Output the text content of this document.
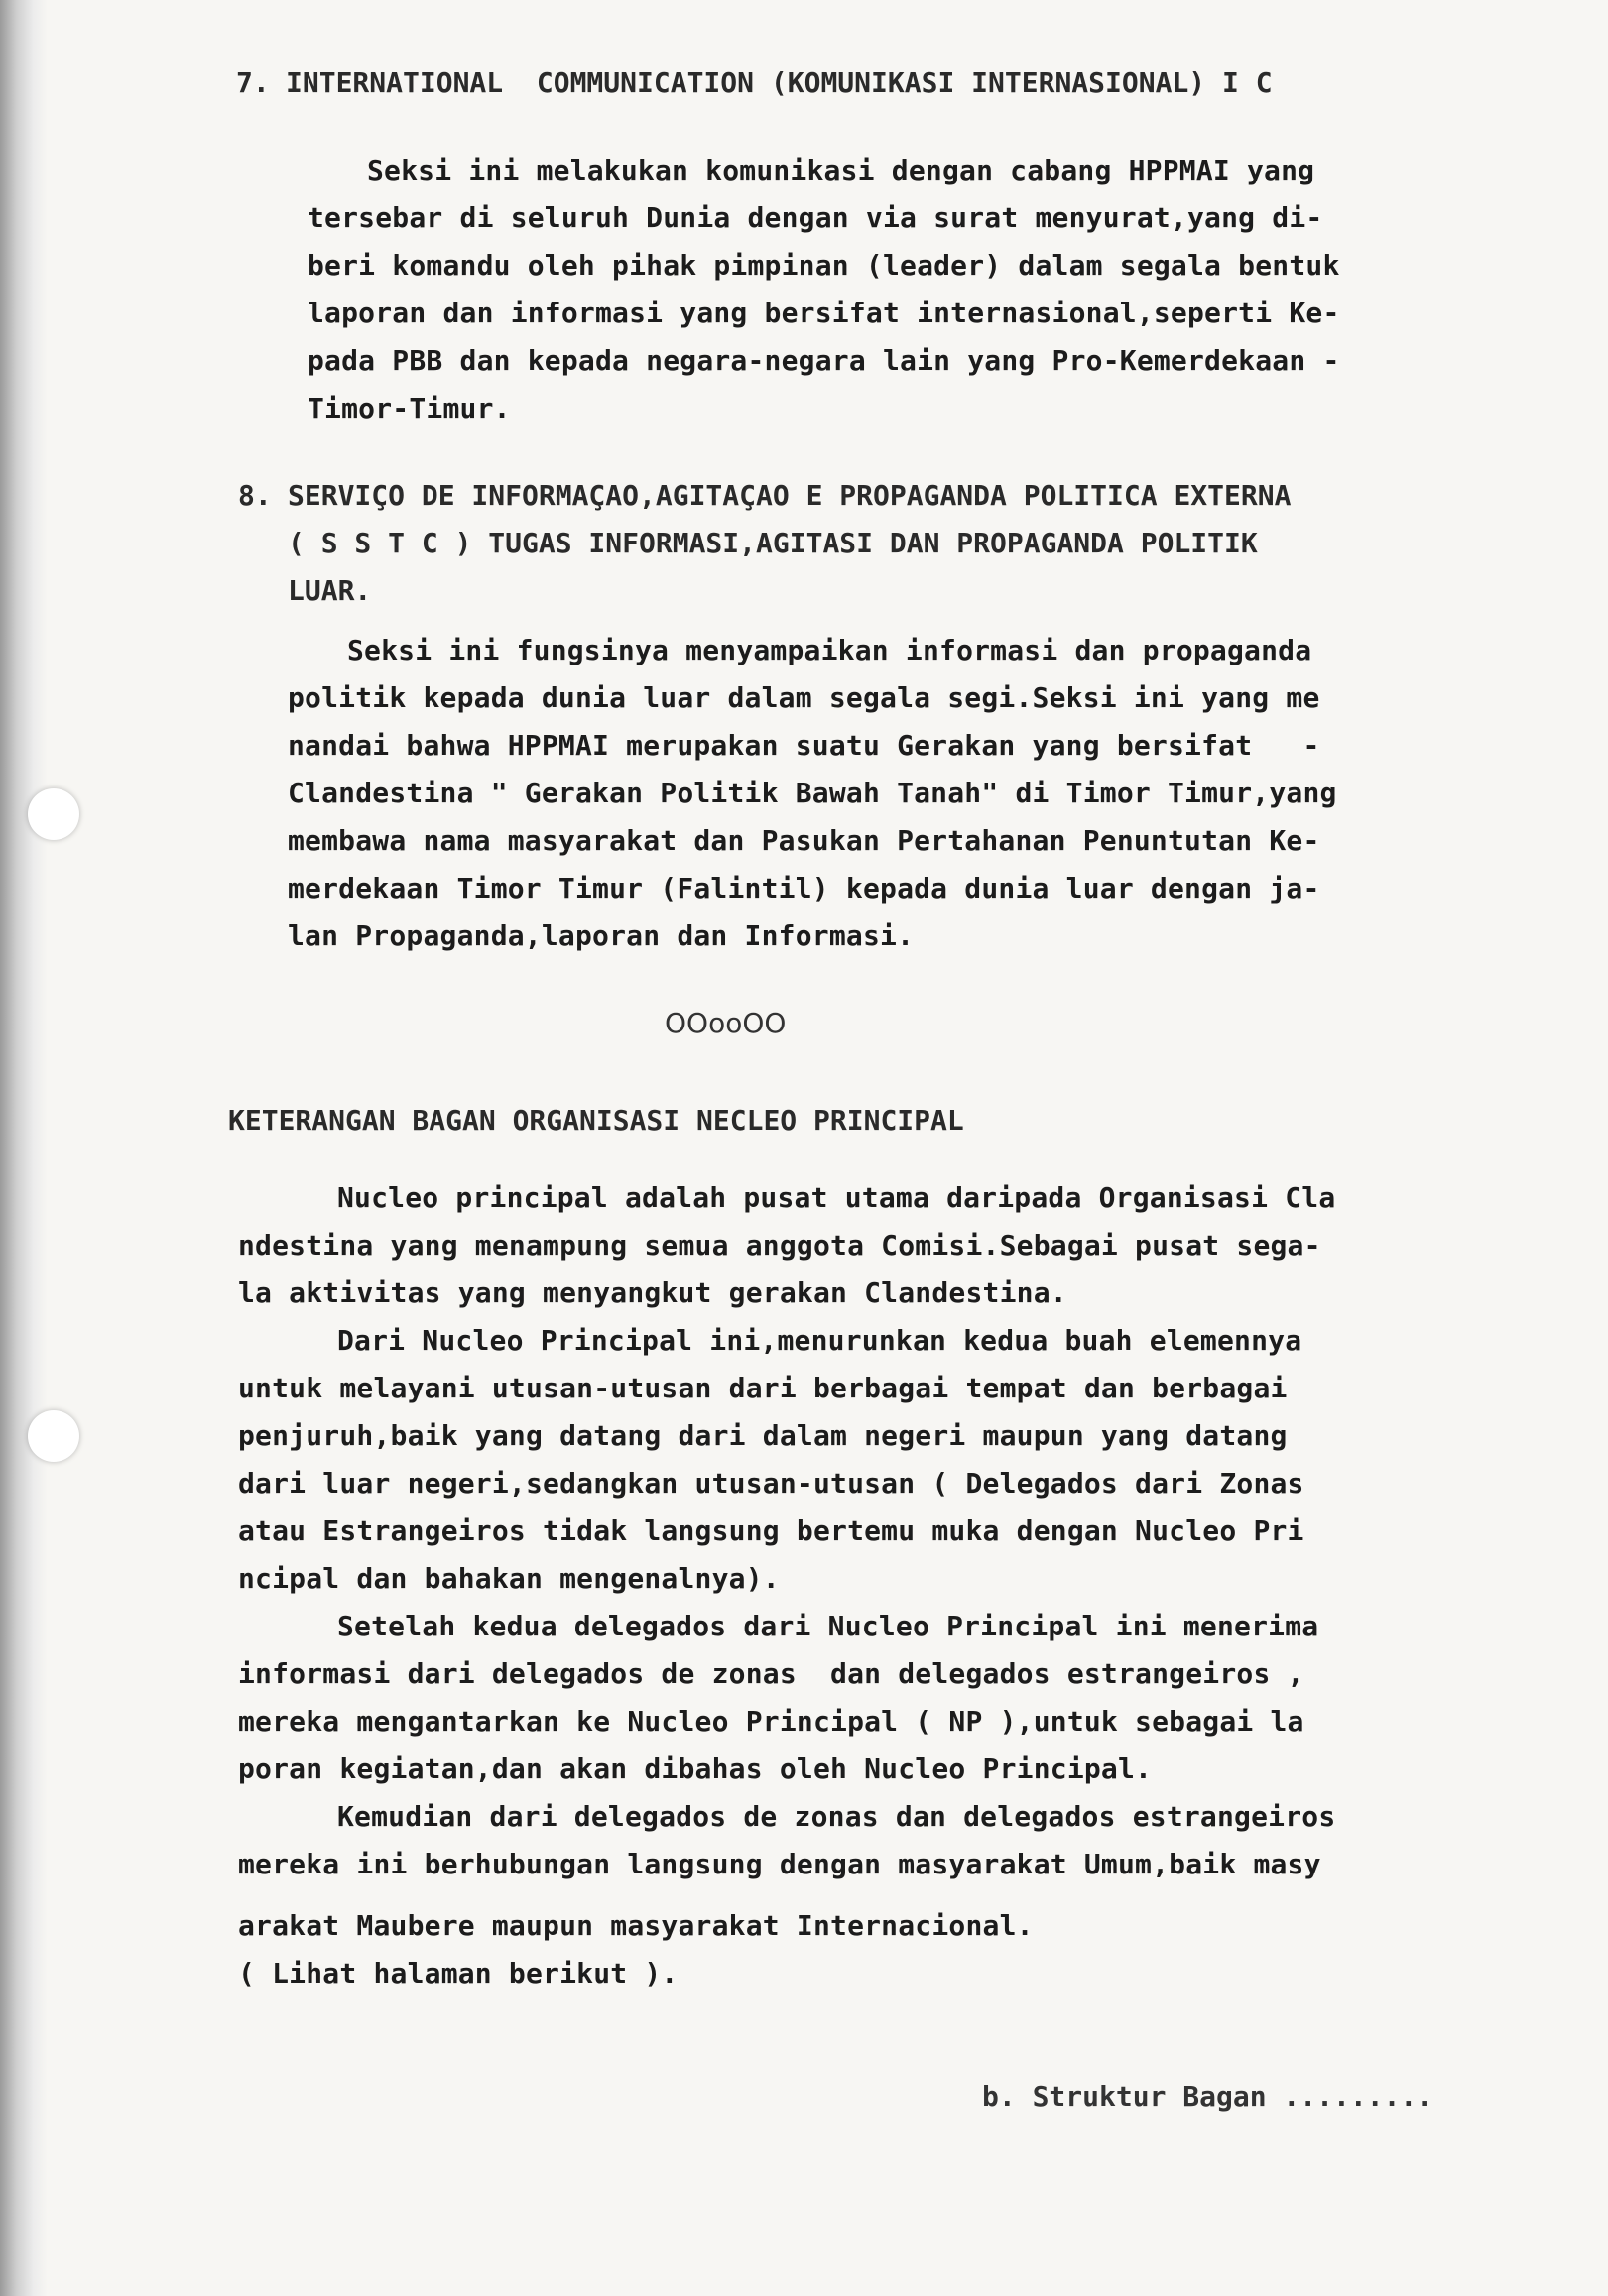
7. INTERNATIONAL  COMMUNICATION (KOMUNIKASI INTERNASIONAL) I C
Seksi ini melakukan komunikasi dengan cabang HPPMAI yang
tersebar di seluruh Dunia dengan via surat menyurat,yang di-
beri komandu oleh pihak pimpinan (leader) dalam segala bentuk
laporan dan informasi yang bersifat internasional,seperti Ke-
pada PBB dan kepada negara-negara lain yang Pro-Kemerdekaan -
Timor-Timur.
8. SERVIÇO DE INFORMAÇAO,AGITAÇAO E PROPAGANDA POLITICA EXTERNA
( S S T C ) TUGAS INFORMASI,AGITASI DAN PROPAGANDA POLITIK
LUAR.
Seksi ini fungsinya menyampaikan informasi dan propaganda
politik kepada dunia luar dalam segala segi.Seksi ini yang me
nandai bahwa HPPMAI merupakan suatu Gerakan yang bersifat   -
Clandestina " Gerakan Politik Bawah Tanah" di Timor Timur,yang
membawa nama masyarakat dan Pasukan Pertahanan Penuntutan Ke-
merdekaan Timor Timur (Falintil) kepada dunia luar dengan ja-
lan Propaganda,laporan dan Informasi.
OOooOO
KETERANGAN BAGAN ORGANISASI NECLEO PRINCIPAL
Nucleo principal adalah pusat utama daripada Organisasi Cla
ndestina yang menampung semua anggota Comisi.Sebagai pusat sega-
la aktivitas yang menyangkut gerakan Clandestina.
Dari Nucleo Principal ini,menurunkan kedua buah elemennya
untuk melayani utusan-utusan dari berbagai tempat dan berbagai
penjuruh,baik yang datang dari dalam negeri maupun yang datang
dari luar negeri,sedangkan utusan-utusan ( Delegados dari Zonas
atau Estrangeiros tidak langsung bertemu muka dengan Nucleo Pri
ncipal dan bahakan mengenalnya).
Setelah kedua delegados dari Nucleo Principal ini menerima
informasi dari delegados de zonas  dan delegados estrangeiros ,
mereka mengantarkan ke Nucleo Principal ( NP ),untuk sebagai la
poran kegiatan,dan akan dibahas oleh Nucleo Principal.
Kemudian dari delegados de zonas dan delegados estrangeiros
mereka ini berhubungan langsung dengan masyarakat Umum,baik masy
arakat Maubere maupun masyarakat Internacional.
( Lihat halaman berikut ).
b. Struktur Bagan .........
